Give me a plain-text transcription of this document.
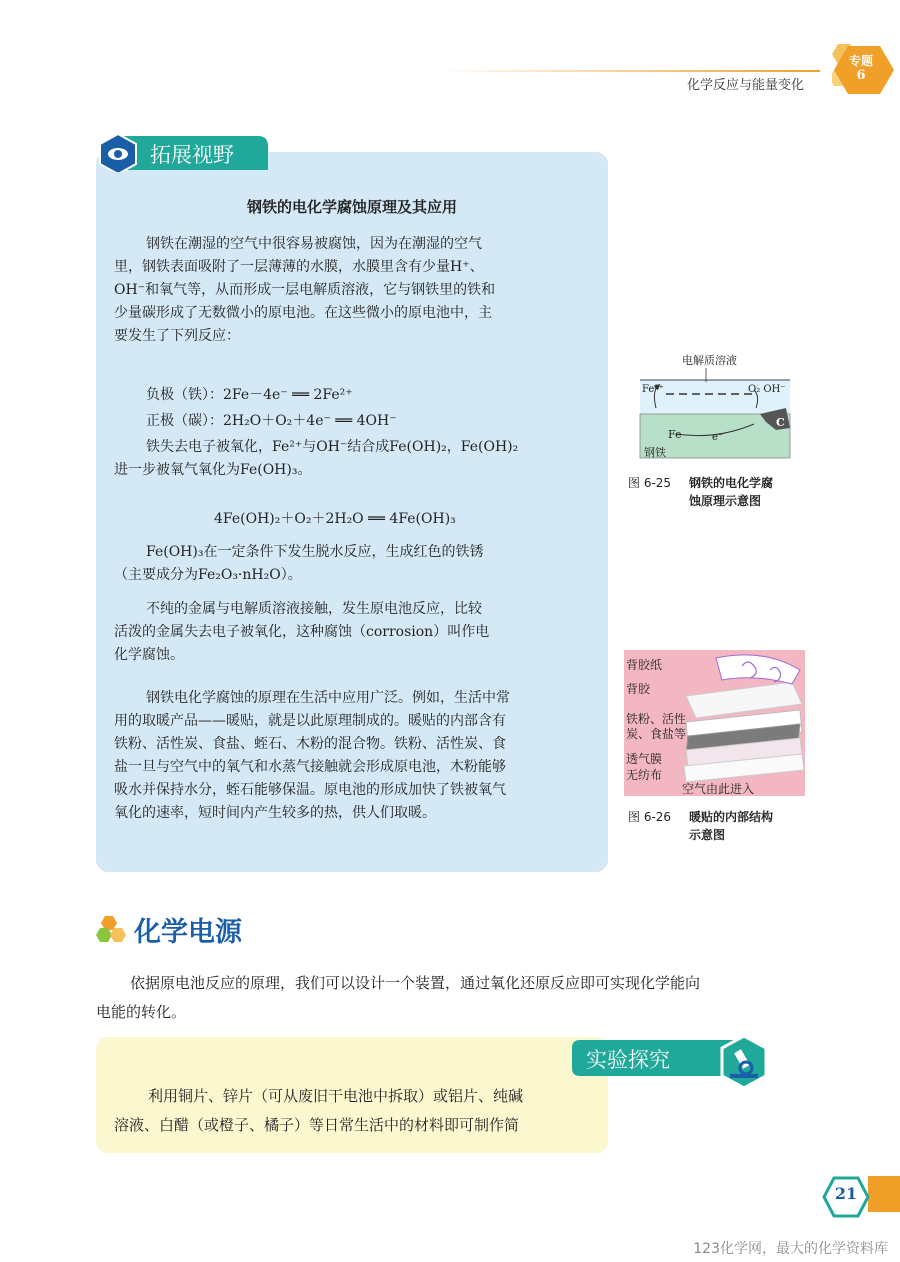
化学反应与能量变化
专题
6
拓展视野
钢铁的电化学腐蚀原理及其应用
钢铁在潮湿的空气中很容易被腐蚀，因为在潮湿的空气
里，钢铁表面吸附了一层薄薄的水膜，水膜里含有少量H⁺、
OH⁻和氧气等，从而形成一层电解质溶液，它与钢铁里的铁和
少量碳形成了无数微小的原电池。在这些微小的原电池中，主
要发生了下列反应：
负极（铁）：2Fe－4e⁻ ══ 2Fe²⁺
正极（碳）：2H₂O＋O₂＋4e⁻ ══ 4OH⁻
铁失去电子被氧化，Fe²⁺与OH⁻结合成Fe(OH)₂，Fe(OH)₂
进一步被氧气氧化为Fe(OH)₃。
4Fe(OH)₂＋O₂＋2H₂O ══ 4Fe(OH)₃
Fe(OH)₃在一定条件下发生脱水反应，生成红色的铁锈
（主要成分为Fe₂O₃·nH₂O）。
不纯的金属与电解质溶液接触，发生原电池反应，比较
活泼的金属失去电子被氧化，这种腐蚀（corrosion）叫作电
化学腐蚀。
钢铁电化学腐蚀的原理在生活中应用广泛。例如，生活中常
用的取暖产品——暖贴，就是以此原理制成的。暖贴的内部含有
铁粉、活性炭、食盐、蛭石、木粉的混合物。铁粉、活性炭、食
盐一旦与空气中的氧气和水蒸气接触就会形成原电池，木粉能够
吸水并保持水分，蛭石能够保温。原电池的形成加快了铁被氧气
氧化的速率，短时间内产生较多的热，供人们取暖。
电解质溶液
Fe²⁺	O₂ OH⁻
Fe	e⁻
C
钢铁
图 6-25 钢铁的电化学腐
蚀原理示意图
背胶纸
背胶
铁粉、活性
炭、食盐等
透气膜
无纺布
空气由此进入
图 6-26 暖贴的内部结构
示意图
化学电源
依据原电池反应的原理，我们可以设计一个装置，通过氧化还原反应即可实现化学能向
电能的转化。
实验探究
利用铜片、锌片（可从废旧干电池中拆取）或铝片、纯碱
溶液、白醋（或橙子、橘子）等日常生活中的材料即可制作简
21
123化学网，最大的化学资料库
